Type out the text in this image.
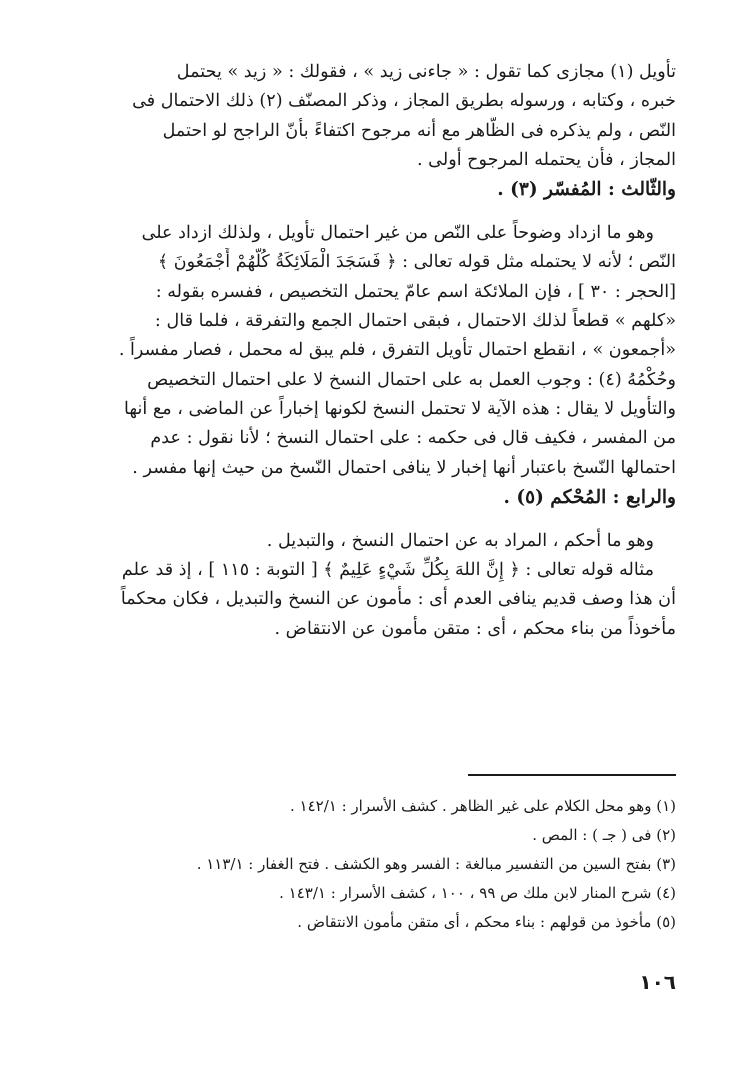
تأويل (١) مجازى كما تقول : « جاءنى زيد » ، فقولك : « زيد » يحتمل
خبره ، وكتابه ، ورسوله بطريق المجاز ، وذكر المصنّف (٢) ذلك الاحتمال فى
النّص ، ولم يذكره فى الظّاهر مع أنه مرجوح اكتفاءً بأنّ الراجح لو احتمل
المجاز ، فأن يحتمله المرجوح أولى .
والثّالث : المُفسّر (٣) .
وهو ما ازداد وضوحاً على النّص من غير احتمال تأويل ، ولذلك ازداد على
النّص ؛ لأنه لا يحتمله مثل قوله تعالى : ﴿ فَسَجَدَ الْمَلَائِكَةُ كُلُّهُمْ أَجْمَعُونَ ﴾
[الحجر : ٣٠ ] ، فإن الملائكة اسم عامّ يحتمل التخصيص ، ففسره بقوله :
«كلهم » قطعاً لذلك الاحتمال ، فبقى احتمال الجمع والتفرقة ، فلما قال :
«أجمعون » ، انقطع احتمال تأويل التفرق ، فلم يبق له محمل ، فصار مفسراً .
وحُكْمُهُ (٤) : وجوب العمل به على احتمال النسخ لا على احتمال التخصيص
والتأويل لا يقال : هذه الآية لا تحتمل النسخ لكونها إخباراً عن الماضى ، مع أنها
من المفسر ، فكيف قال فى حكمه : على احتمال النسخ ؛ لأنا نقول : عدم
احتمالها النّسخ باعتبار أنها إخبار لا ينافى احتمال النّسخ من حيث إنها مفسر .
والرابع : المُحْكم (٥) .
وهو ما أحكم ، المراد به عن احتمال النسخ ، والتبديل .
مثاله قوله تعالى : ﴿ إِنَّ اللهَ بِكُلِّ شَيْءٍ عَلِيمٌ ﴾ [ التوبة : ١١٥ ] ، إذ قد علم
أن هذا وصف قديم ينافى العدم أى : مأمون عن النسخ والتبديل ، فكان محكماً
مأخوذاً من بناء محكم ، أى : متقن مأمون عن الانتقاض .
(١) وهو محل الكلام على غير الظاهر . كشف الأسرار : ١٤٢/١ .
(٢) فى ( جـ ) : المص .
(٣) بفتح السين من التفسير مبالغة : الفسر وهو الكشف . فتح الغفار : ١١٣/١ .
(٤) شرح المنار لابن ملك ص ٩٩ ، ١٠٠ ، كشف الأسرار : ١٤٣/١ .
(٥) مأخوذ من قولهم : بناء محكم ، أى متقن مأمون الانتقاض .
١٠٦
